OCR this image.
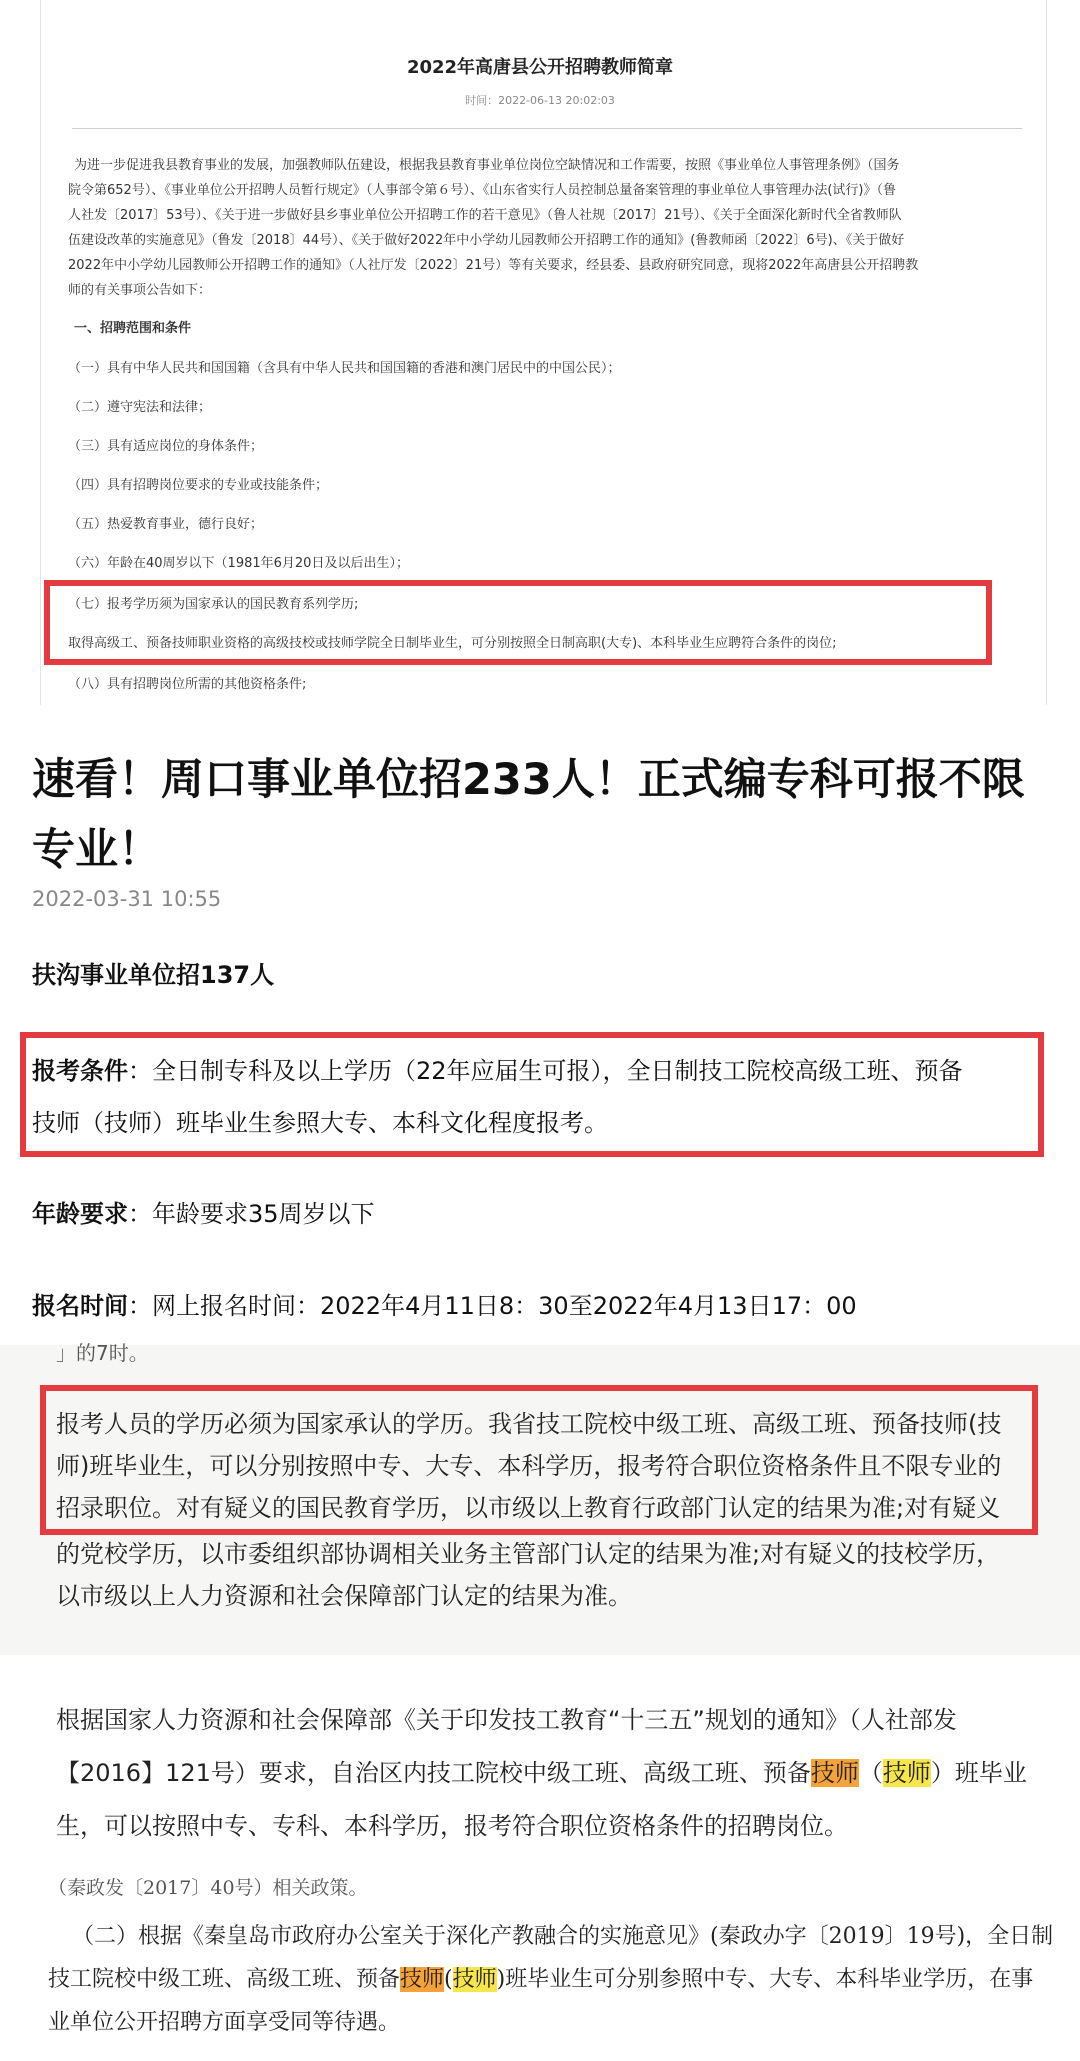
2022年高唐县公开招聘教师简章
时间：2022-06-13 20:02:03
为进一步促进我县教育事业的发展，加强教师队伍建设，根据我县教育事业单位岗位空缺情况和工作需要，按照《事业单位人事管理条例》（国务
院令第652号）、《事业单位公开招聘人员暂行规定》（人事部令第６号）、《山东省实行人员控制总量备案管理的事业单位人事管理办法(试行)》（鲁
人社发〔2017〕53号）、《关于进一步做好县乡事业单位公开招聘工作的若干意见》（鲁人社规〔2017〕21号）、《关于全面深化新时代全省教师队
伍建设改革的实施意见》（鲁发〔2018〕44号）、《关于做好2022年中小学幼儿园教师公开招聘工作的通知》(鲁教师函〔2022〕6号)、《关于做好
2022年中小学幼儿园教师公开招聘工作的通知》（人社厅发〔2022〕21号）等有关要求，经县委、县政府研究同意，现将2022年高唐县公开招聘教
师的有关事项公告如下：
一、招聘范围和条件
（一）具有中华人民共和国国籍（含具有中华人民共和国国籍的香港和澳门居民中的中国公民）；
（二）遵守宪法和法律；
（三）具有适应岗位的身体条件；
（四）具有招聘岗位要求的专业或技能条件；
（五）热爱教育事业，德行良好；
（六）年龄在40周岁以下（1981年6月20日及以后出生）；
（七）报考学历须为国家承认的国民教育系列学历;
取得高级工、预备技师职业资格的高级技校或技师学院全日制毕业生，可分别按照全日制高职(大专)、本科毕业生应聘符合条件的岗位;
（八）具有招聘岗位所需的其他资格条件;
速看！周口事业单位招233人！正式编专科可报不限专业！
2022-03-31 10:55
扶沟事业单位招137人
报考条件：全日制专科及以上学历（22年应届生可报），全日制技工院校高级工班、预备
技师（技师）班毕业生参照大专、本科文化程度报考。
年龄要求：年龄要求35周岁以下
报名时间：网上报名时间：2022年4月11日8：30至2022年4月13日17：00
」的7时。
报考人员的学历必须为国家承认的学历。我省技工院校中级工班、高级工班、预备技师(技
师)班毕业生，可以分别按照中专、大专、本科学历，报考符合职位资格条件且不限专业的
招录职位。对有疑义的国民教育学历，以市级以上教育行政部门认定的结果为准;对有疑义
的党校学历，以市委组织部协调相关业务主管部门认定的结果为准;对有疑义的技校学历，
以市级以上人力资源和社会保障部门认定的结果为准。
根据国家人力资源和社会保障部《关于印发技工教育“十三五”规划的通知》（人社部发
【2016】121号）要求，自治区内技工院校中级工班、高级工班、预备技师（技师）班毕业
生，可以按照中专、专科、本科学历，报考符合职位资格条件的招聘岗位。
（秦政发〔2017〕40号）相关政策。
（二）根据《秦皇岛市政府办公室关于深化产教融合的实施意见》(秦政办字〔2019〕19号)，全日制
技工院校中级工班、高级工班、预备技师(技师)班毕业生可分别参照中专、大专、本科毕业学历，在事
业单位公开招聘方面享受同等待遇。
